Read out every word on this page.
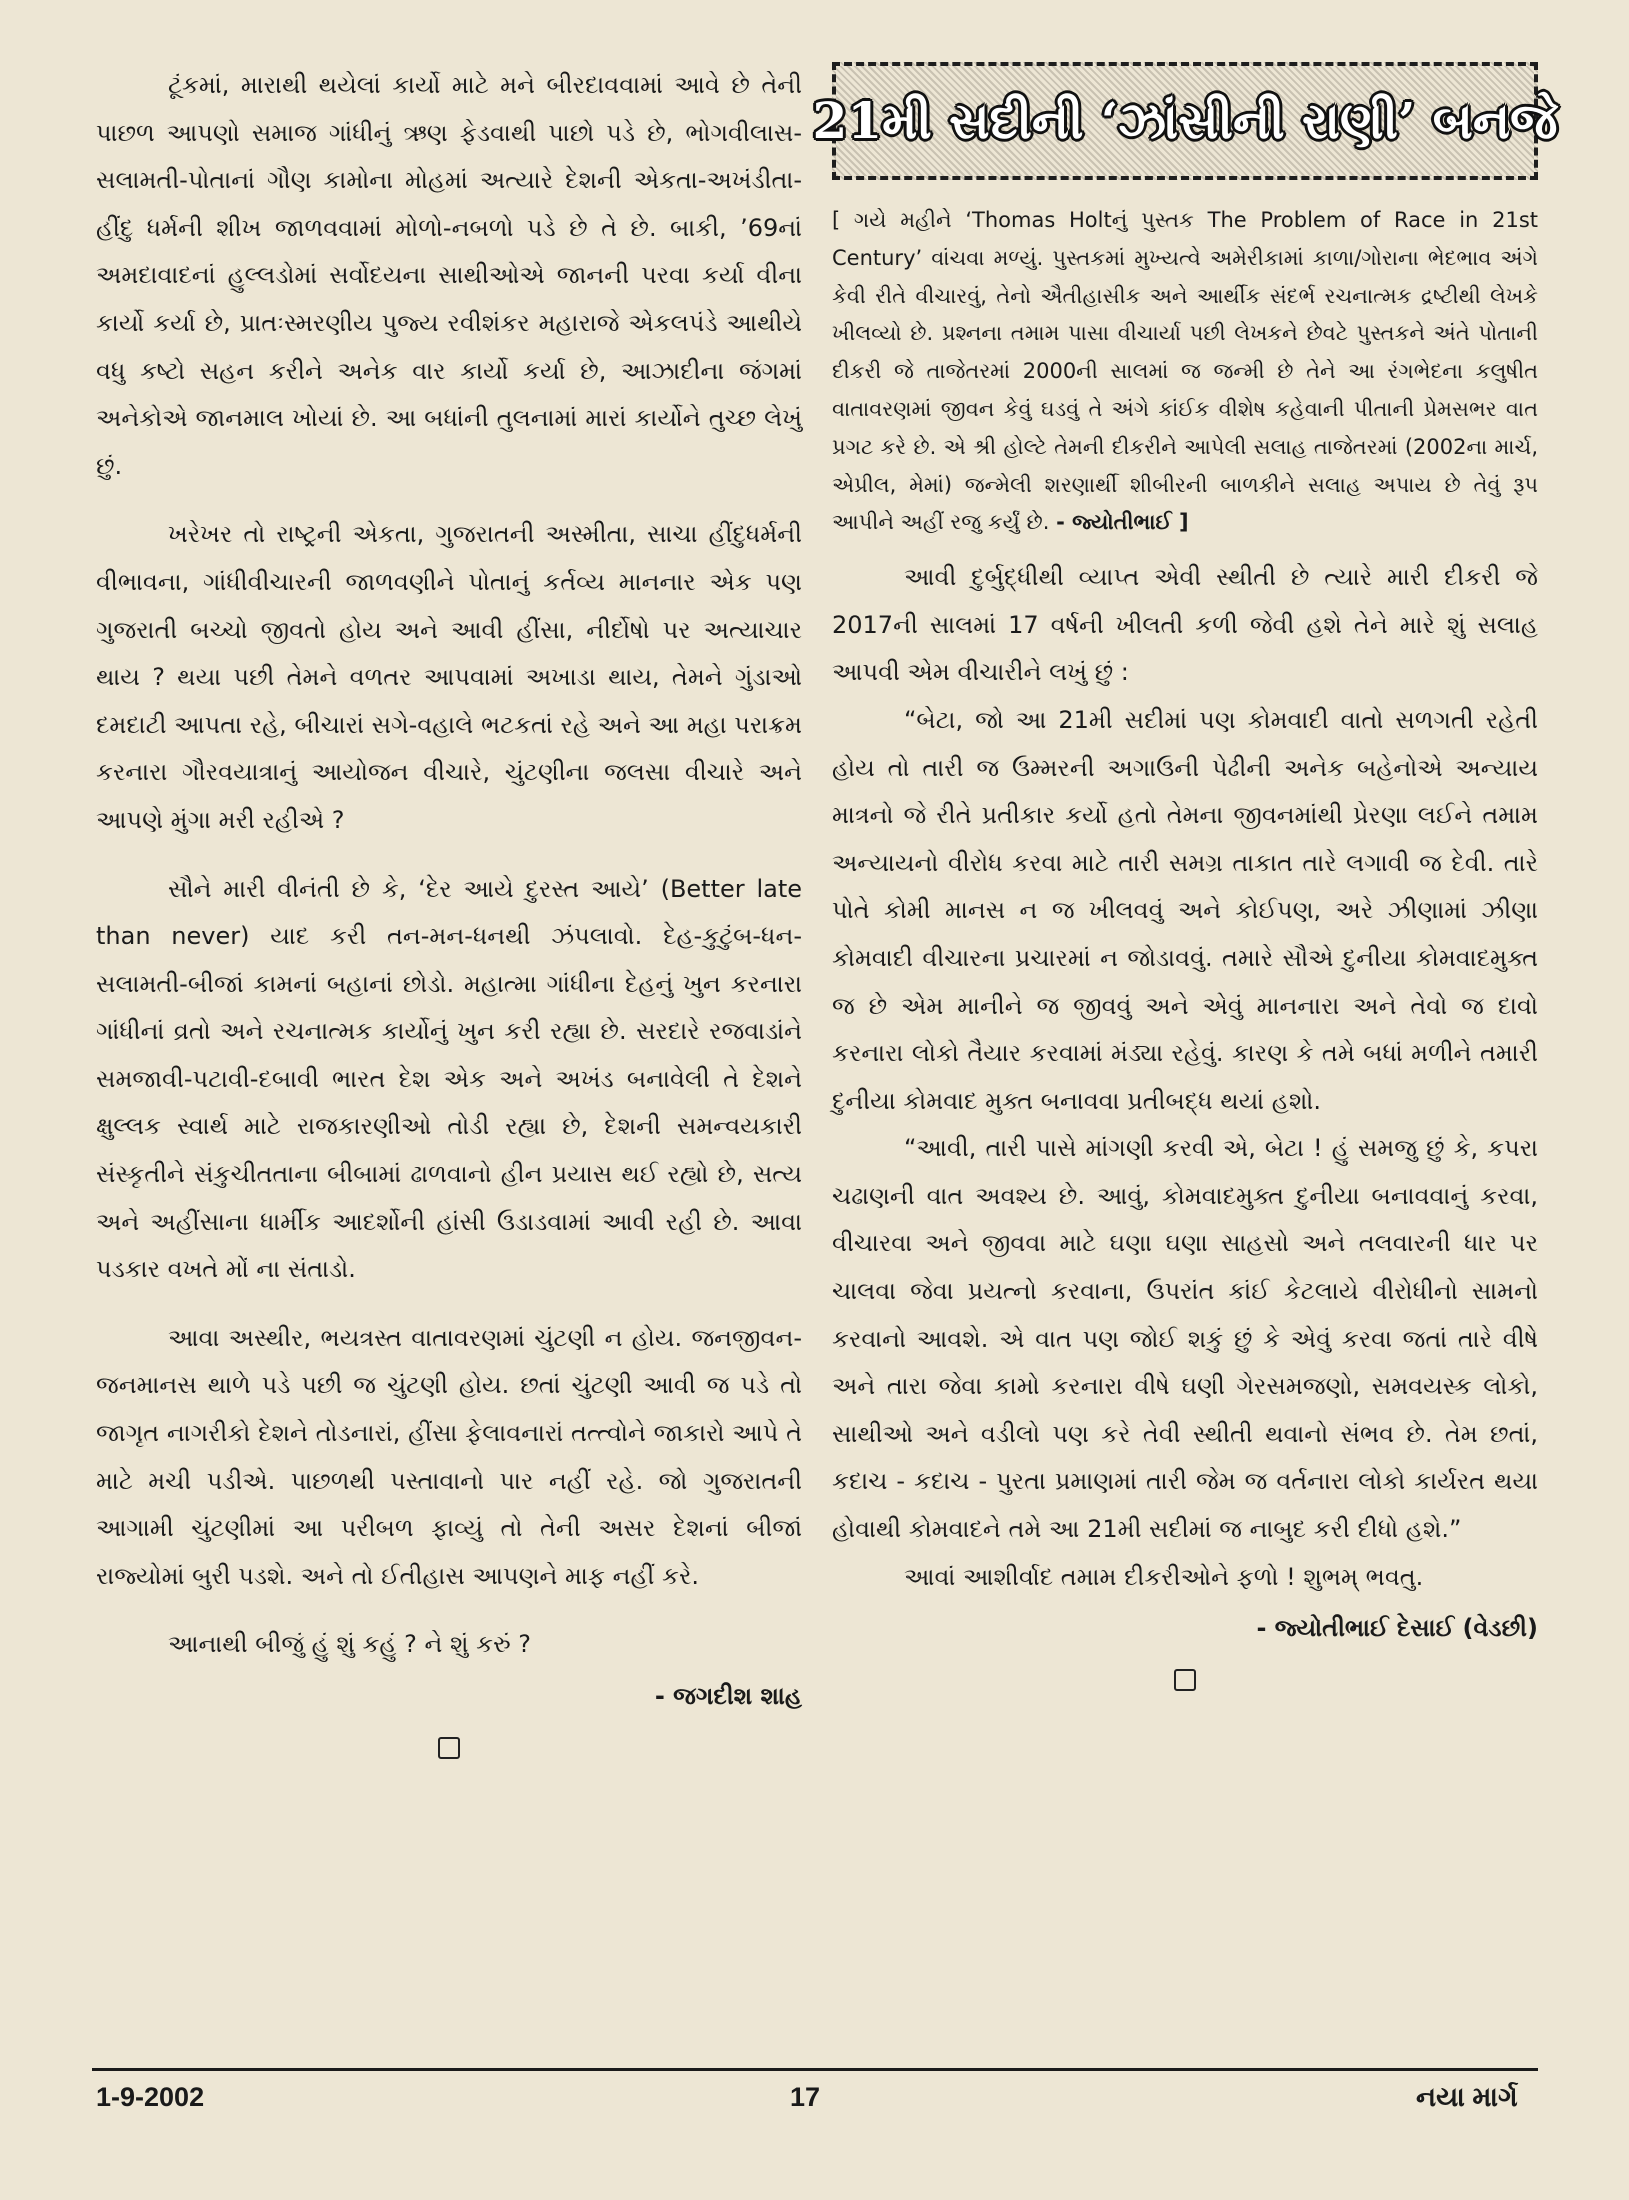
ટૂંકમાં, મારાથી થયેલાં કાર્યો માટે મને બીરદાવવામાં આવે છે તેની પાછળ આપણો સમાજ ગાંધીનું ઋણ ફેડવાથી પાછો પડે છે, ભોગવીલાસ-સલામતી-પોતાનાં ગૌણ કામોના મોહમાં અત્યારે દેશની એકતા-અખંડીતા-હીંદુ ધર્મની શીખ જાળવવામાં મોળો-નબળો પડે છે તે છે. બાકી, ’69નાં અમદાવાદનાં હુલ્લડોમાં સર્વોદયના સાથીઓએ જાનની પરવા કર્યા વીના કાર્યો કર્યા છે, પ્રાતઃસ્મરણીય પુજ્ય રવીશંકર મહારાજે એકલપંડે આથીયે વધુ કષ્ટો સહન કરીને અનેક વાર કાર્યો કર્યા છે, આઝાદીના જંગમાં અનેકોએ જાનમાલ ખોયાં છે. આ બધાંની તુલનામાં મારાં કાર્યોને તુચ્છ લેખું છું.

ખરેખર તો રાષ્ટ્રની એકતા, ગુજરાતની અસ્મીતા, સાચા હીંદુધર્મની વીભાવના, ગાંધીવીચારની જાળવણીને પોતાનું કર્તવ્ય માનનાર એક પણ ગુજરાતી બચ્ચો જીવતો હોય અને આવી હીંસા, નીર્દોષો પર અત્યાચાર થાય ? થયા પછી તેમને વળતર આપવામાં અખાડા થાય, તેમને ગુંડાઓ દમદાટી આપતા રહે, બીચારાં સગે-વહાલે ભટકતાં રહે અને આ મહા પરાક્રમ કરનારા ગૌરવયાત્રાનું આયોજન વીચારે, ચુંટણીના જલસા વીચારે અને આપણે મુંગા મરી રહીએ ?

સૌને મારી વીનંતી છે કે, ‘દેર આયે દુરસ્ત આયે’ (Better late than never) યાદ કરી તન-મન-ધનથી ઝંપલાવો. દેહ-કુટુંબ-ધન-સલામતી-બીજાં કામનાં બહાનાં છોડો. મહાત્મા ગાંધીના દેહનું ખુન કરનારા ગાંધીનાં વ્રતો અને રચનાત્મક કાર્યોનું ખુન કરી રહ્યા છે. સરદારે રજવાડાંને સમજાવી-પટાવી-દબાવી ભારત દેશ એક અને અખંડ બનાવેલી તે દેશને ક્ષુલ્લક સ્વાર્થ માટે રાજકારણીઓ તોડી રહ્યા છે, દેશની સમન્વયકારી સંસ્કૃતીને સંકુચીતતાના બીબામાં ઢાળવાનો હીન પ્રયાસ થઈ રહ્યો છે, સત્ય અને અહીંસાના ધાર્મીક આદર્શોની હાંસી ઉડાડવામાં આવી રહી છે. આવા પડકાર વખતે મોં ના સંતાડો.

આવા અસ્થીર, ભયત્રસ્ત વાતાવરણમાં ચુંટણી ન હોય. જનજીવન-જનમાનસ થાળે પડે પછી જ ચુંટણી હોય. છતાં ચુંટણી આવી જ પડે તો જાગૃત નાગરીકો દેશને તોડનારાં, હીંસા ફેલાવનારાં તત્ત્વોને જાકારો આપે તે માટે મચી પડીએ. પાછળથી પસ્તાવાનો પાર નહીં રહે. જો ગુજરાતની આગામી ચુંટણીમાં આ પરીબળ ફાવ્યું તો તેની અસર દેશનાં બીજાં રાજ્યોમાં બુરી પડશે. અને તો ઈતીહાસ આપણને માફ નહીં કરે.

આનાથી બીજું હું શું કહું ? ને શું કરું ?

- જગદીશ શાહ
21મી સદીની ‘ઝાંસીની રાણી’ બનજે

[ ગયે મહીને ‘Thomas Holtનું પુસ્તક The Problem of Race in 21st Century’ વાંચવા મળ્યું. પુસ્તકમાં મુખ્યત્વે અમેરીકામાં કાળા/ગોરાના ભેદભાવ અંગે કેવી રીતે વીચારવું, તેનો ઐતીહાસીક અને આર્થીક સંદર્ભ રચનાત્મક દ્રષ્ટીથી લેખકે ખીલવ્યો છે. પ્રશ્નના તમામ પાસા વીચાર્યા પછી લેખકને છેવટે પુસ્તકને અંતે પોતાની દીકરી જે તાજેતરમાં 2000ની સાલમાં જ જન્મી છે તેને આ રંગભેદના કલુષીત વાતાવરણમાં જીવન કેવું ઘડવું તે અંગે કાંઈક વીશેષ કહેવાની પીતાની પ્રેમસભર વાત પ્રગટ કરે છે. એ શ્રી હોલ્ટે તેમની દીકરીને આપેલી સલાહ તાજેતરમાં (2002ના માર્ચ, એપ્રીલ, મેમાં) જન્મેલી શરણાર્થી શીબીરની બાળકીને સલાહ અપાય છે તેવું રૂપ આપીને અહીં રજુ કર્યું છે. - જ્યોતીભાઈ ]

આવી દુર્બુદ્ધીથી વ્યાપ્ત એવી સ્થીતી છે ત્યારે મારી દીકરી જે 2017ની સાલમાં 17 વર્ષની ખીલતી કળી જેવી હશે તેને મારે શું સલાહ આપવી એમ વીચારીને લખું છું :

“બેટા, જો આ 21મી સદીમાં પણ કોમવાદી વાતો સળગતી રહેતી હોય તો તારી જ ઉમ્મરની અગાઉની પેઢીની અનેક બહેનોએ અન્યાય માત્રનો જે રીતે પ્રતીકાર કર્યો હતો તેમના જીવનમાંથી પ્રેરણા લઈને તમામ અન્યાયનો વીરોધ કરવા માટે તારી સમગ્ર તાકાત તારે લગાવી જ દેવી. તારે પોતે કોમી માનસ ન જ ખીલવવું અને કોઈપણ, અરે ઝીણામાં ઝીણા કોમવાદી વીચારના પ્રચારમાં ન જોડાવવું. તમારે સૌએ દુનીયા કોમવાદમુક્ત જ છે એમ માનીને જ જીવવું અને એવું માનનારા અને તેવો જ દાવો કરનારા લોકો તૈયાર કરવામાં મંડ્યા રહેવું. કારણ કે તમે બધાં મળીને તમારી દુનીયા કોમવાદ મુક્ત બનાવવા પ્રતીબદ્ધ થયાં હશો.

“આવી, તારી પાસે માંગણી કરવી એ, બેટા ! હું સમજુ છું કે, કપરા ચઢાણની વાત અવશ્ય છે. આવું, કોમવાદમુક્ત દુનીયા બનાવવાનું કરવા, વીચારવા અને જીવવા માટે ઘણા ઘણા સાહસો અને તલવારની ધાર પર ચાલવા જેવા પ્રયત્નો કરવાના, ઉપરાંત કાંઈ કેટલાયે વીરોધીનો સામનો કરવાનો આવશે. એ વાત પણ જોઈ શકું છું કે એવું કરવા જતાં તારે વીષે અને તારા જેવા કામો કરનારા વીષે ઘણી ગેરસમજણો, સમવયસ્ક લોકો, સાથીઓ અને વડીલો પણ કરે તેવી સ્થીતી થવાનો સંભવ છે. તેમ છતાં, કદાચ - કદાચ - પુરતા પ્રમાણમાં તારી જેમ જ વર્તનારા લોકો કાર્યરત થયા હોવાથી કોમવાદને તમે આ 21મી સદીમાં જ નાબુદ કરી દીધો હશે.”

આવાં આશીર્વાદ તમામ દીકરીઓને ફળો ! શુભમ્ ભવતુ.

- જ્યોતીભાઈ દેસાઈ (વેડછી)
1-9-2002	17	નયા માર્ગ
